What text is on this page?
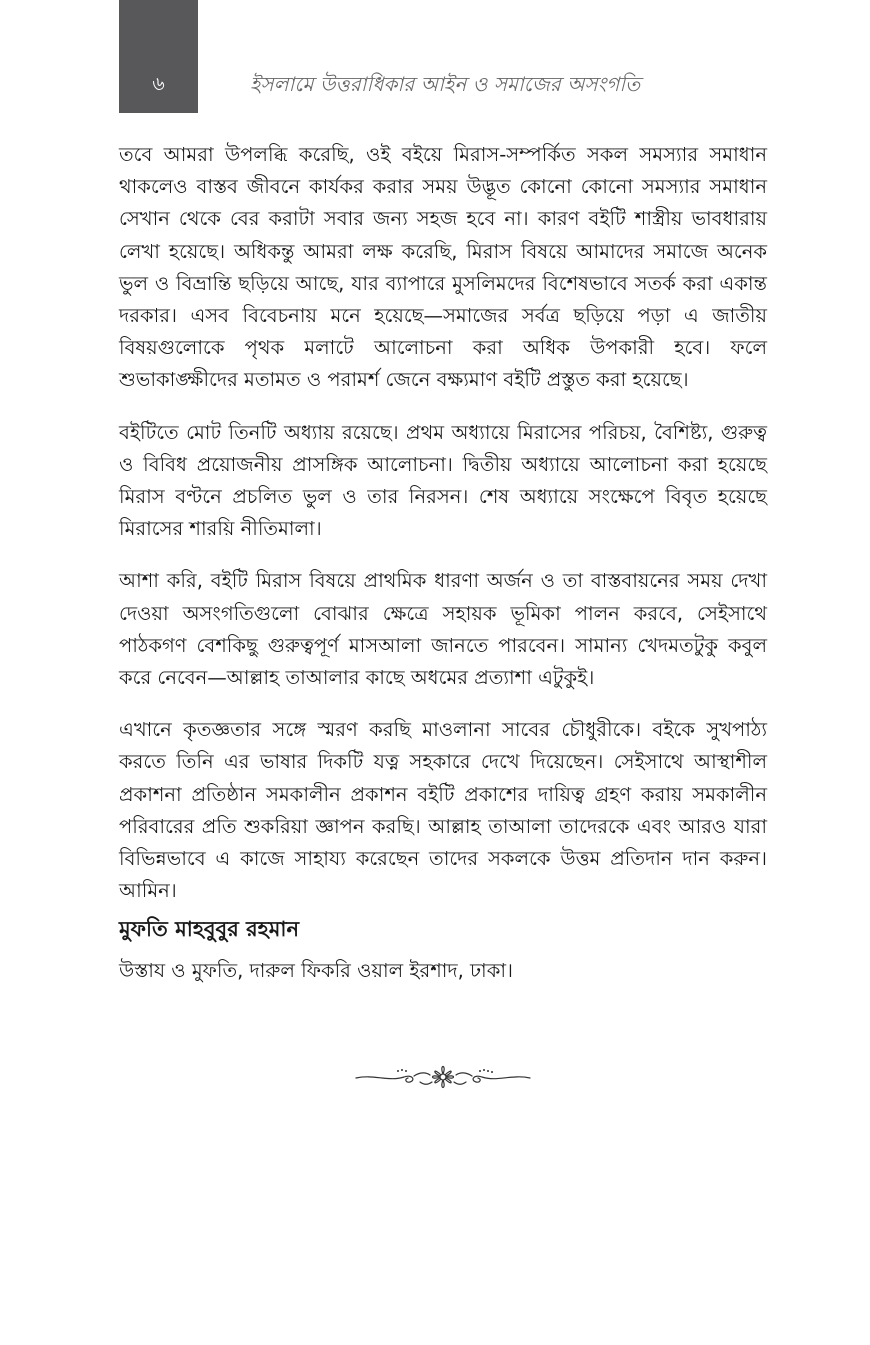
৬	ইসলামে উত্তরাধিকার আইন ও সমাজের অসংগতি

তবে আমরা উপলব্ধি করেছি, ওই বইয়ে মিরাস-সম্পর্কিত সকল সমস্যার সমাধান থাকলেও বাস্তব জীবনে কার্যকর করার সময় উদ্ভূত কোনো কোনো সমস্যার সমাধান সেখান থেকে বের করাটা সবার জন্য সহজ হবে না। কারণ বইটি শাস্ত্রীয় ভাবধারায় লেখা হয়েছে। অধিকন্তু আমরা লক্ষ করেছি, মিরাস বিষয়ে আমাদের সমাজে অনেক ভুল ও বিভ্রান্তি ছড়িয়ে আছে, যার ব্যাপারে মুসলিমদের বিশেষভাবে সতর্ক করা একান্ত দরকার। এসব বিবেচনায় মনে হয়েছে—সমাজের সর্বত্র ছড়িয়ে পড়া এ জাতীয় বিষয়গুলোকে পৃথক মলাটে আলোচনা করা অধিক উপকারী হবে। ফলে শুভাকাঙ্ক্ষীদের মতামত ও পরামর্শ জেনে বক্ষ্যমাণ বইটি প্রস্তুত করা হয়েছে।

বইটিতে মোট তিনটি অধ্যায় রয়েছে। প্রথম অধ্যায়ে মিরাসের পরিচয়, বৈশিষ্ট্য, গুরুত্ব ও বিবিধ প্রয়োজনীয় প্রাসঙ্গিক আলোচনা। দ্বিতীয় অধ্যায়ে আলোচনা করা হয়েছে মিরাস বণ্টনে প্রচলিত ভুল ও তার নিরসন। শেষ অধ্যায়ে সংক্ষেপে বিবৃত হয়েছে মিরাসের শারয়ি নীতিমালা।

আশা করি, বইটি মিরাস বিষয়ে প্রাথমিক ধারণা অর্জন ও তা বাস্তবায়নের সময় দেখা দেওয়া অসংগতিগুলো বোঝার ক্ষেত্রে সহায়ক ভূমিকা পালন করবে, সেইসাথে পাঠকগণ বেশকিছু গুরুত্বপূর্ণ মাসআলা জানতে পারবেন। সামান্য খেদমতটুকু কবুল করে নেবেন—আল্লাহ তাআলার কাছে অধমের প্রত্যাশা এটুকুই।

এখানে কৃতজ্ঞতার সঙ্গে স্মরণ করছি মাওলানা সাবের চৌধুরীকে। বইকে সুখপাঠ্য করতে তিনি এর ভাষার দিকটি যত্ন সহকারে দেখে দিয়েছেন। সেইসাথে আস্থাশীল প্রকাশনা প্রতিষ্ঠান সমকালীন প্রকাশন বইটি প্রকাশের দায়িত্ব গ্রহণ করায় সমকালীন পরিবারের প্রতি শুকরিয়া জ্ঞাপন করছি। আল্লাহ তাআলা তাদেরকে এবং আরও যারা বিভিন্নভাবে এ কাজে সাহায্য করেছেন তাদের সকলকে উত্তম প্রতিদান দান করুন। আমিন।

মুফতি মাহবুবুর রহমান

উস্তায ও মুফতি, দারুল ফিকরি ওয়াল ইরশাদ, ঢাকা।
